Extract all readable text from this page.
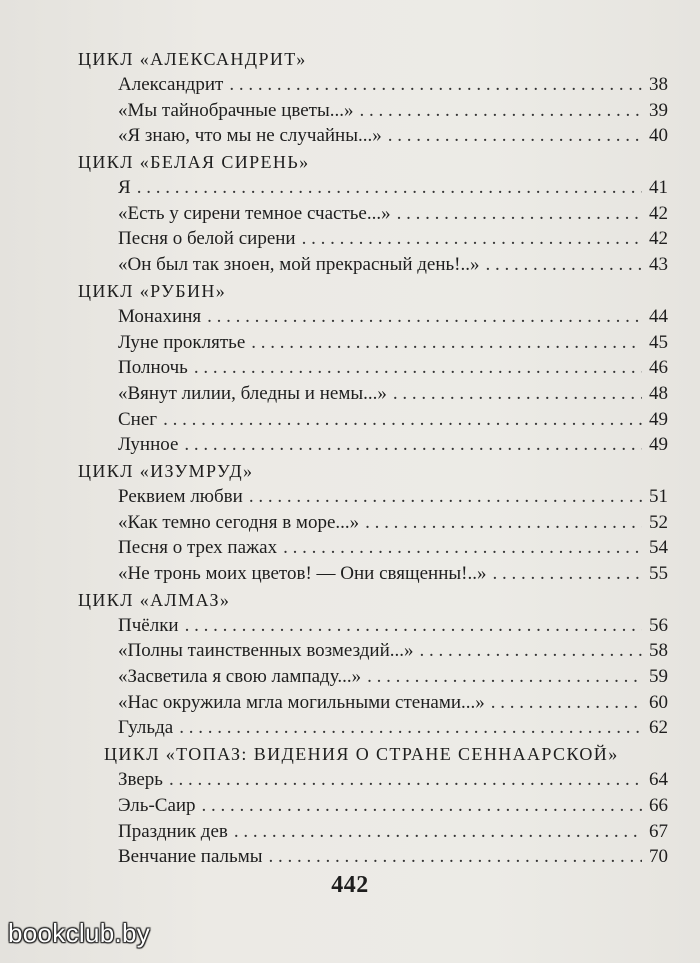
ЦИКЛ «АЛЕКСАНДРИТ»
Александрит . . .	38
«Мы тайнобрачные цветы...» . . .	39
«Я знаю, что мы не случайны...» . . .	40
ЦИКЛ «БЕЛАЯ СИРЕНЬ»
Я . . .	41
«Есть у сирени темное счастье...» . . .	42
Песня о белой сирени . . .	42
«Он был так зноен, мой прекрасный день!..» . . .	43
ЦИКЛ «РУБИН»
Монахиня . . .	44
Луне проклятье . . .	45
Полночь . . .	46
«Вянут лилии, бледны и немы...» . . .	48
Снег . . .	49
Лунное . . .	49
ЦИКЛ «ИЗУМРУД»
Реквием любви . . .	51
«Как темно сегодня в море...» . . .	52
Песня о трех пажах . . .	54
«Не тронь моих цветов! — Они священны!..» . . .	55
ЦИКЛ «АЛМАЗ»
Пчёлки . . .	56
«Полны таинственных возмездий...» . . .	58
«Засветила я свою лампаду...» . . .	59
«Нас окружила мгла могильными стенами...» . . .	60
Гульда . . .	62
ЦИКЛ «ТОПАЗ: ВИДЕНИЯ О СТРАНЕ СЕННААРСКОЙ»
Зверь . . .	64
Эль-Саир . . .	66
Праздник дев . . .	67
Венчание пальмы . . .	70
442
bookclub.by
